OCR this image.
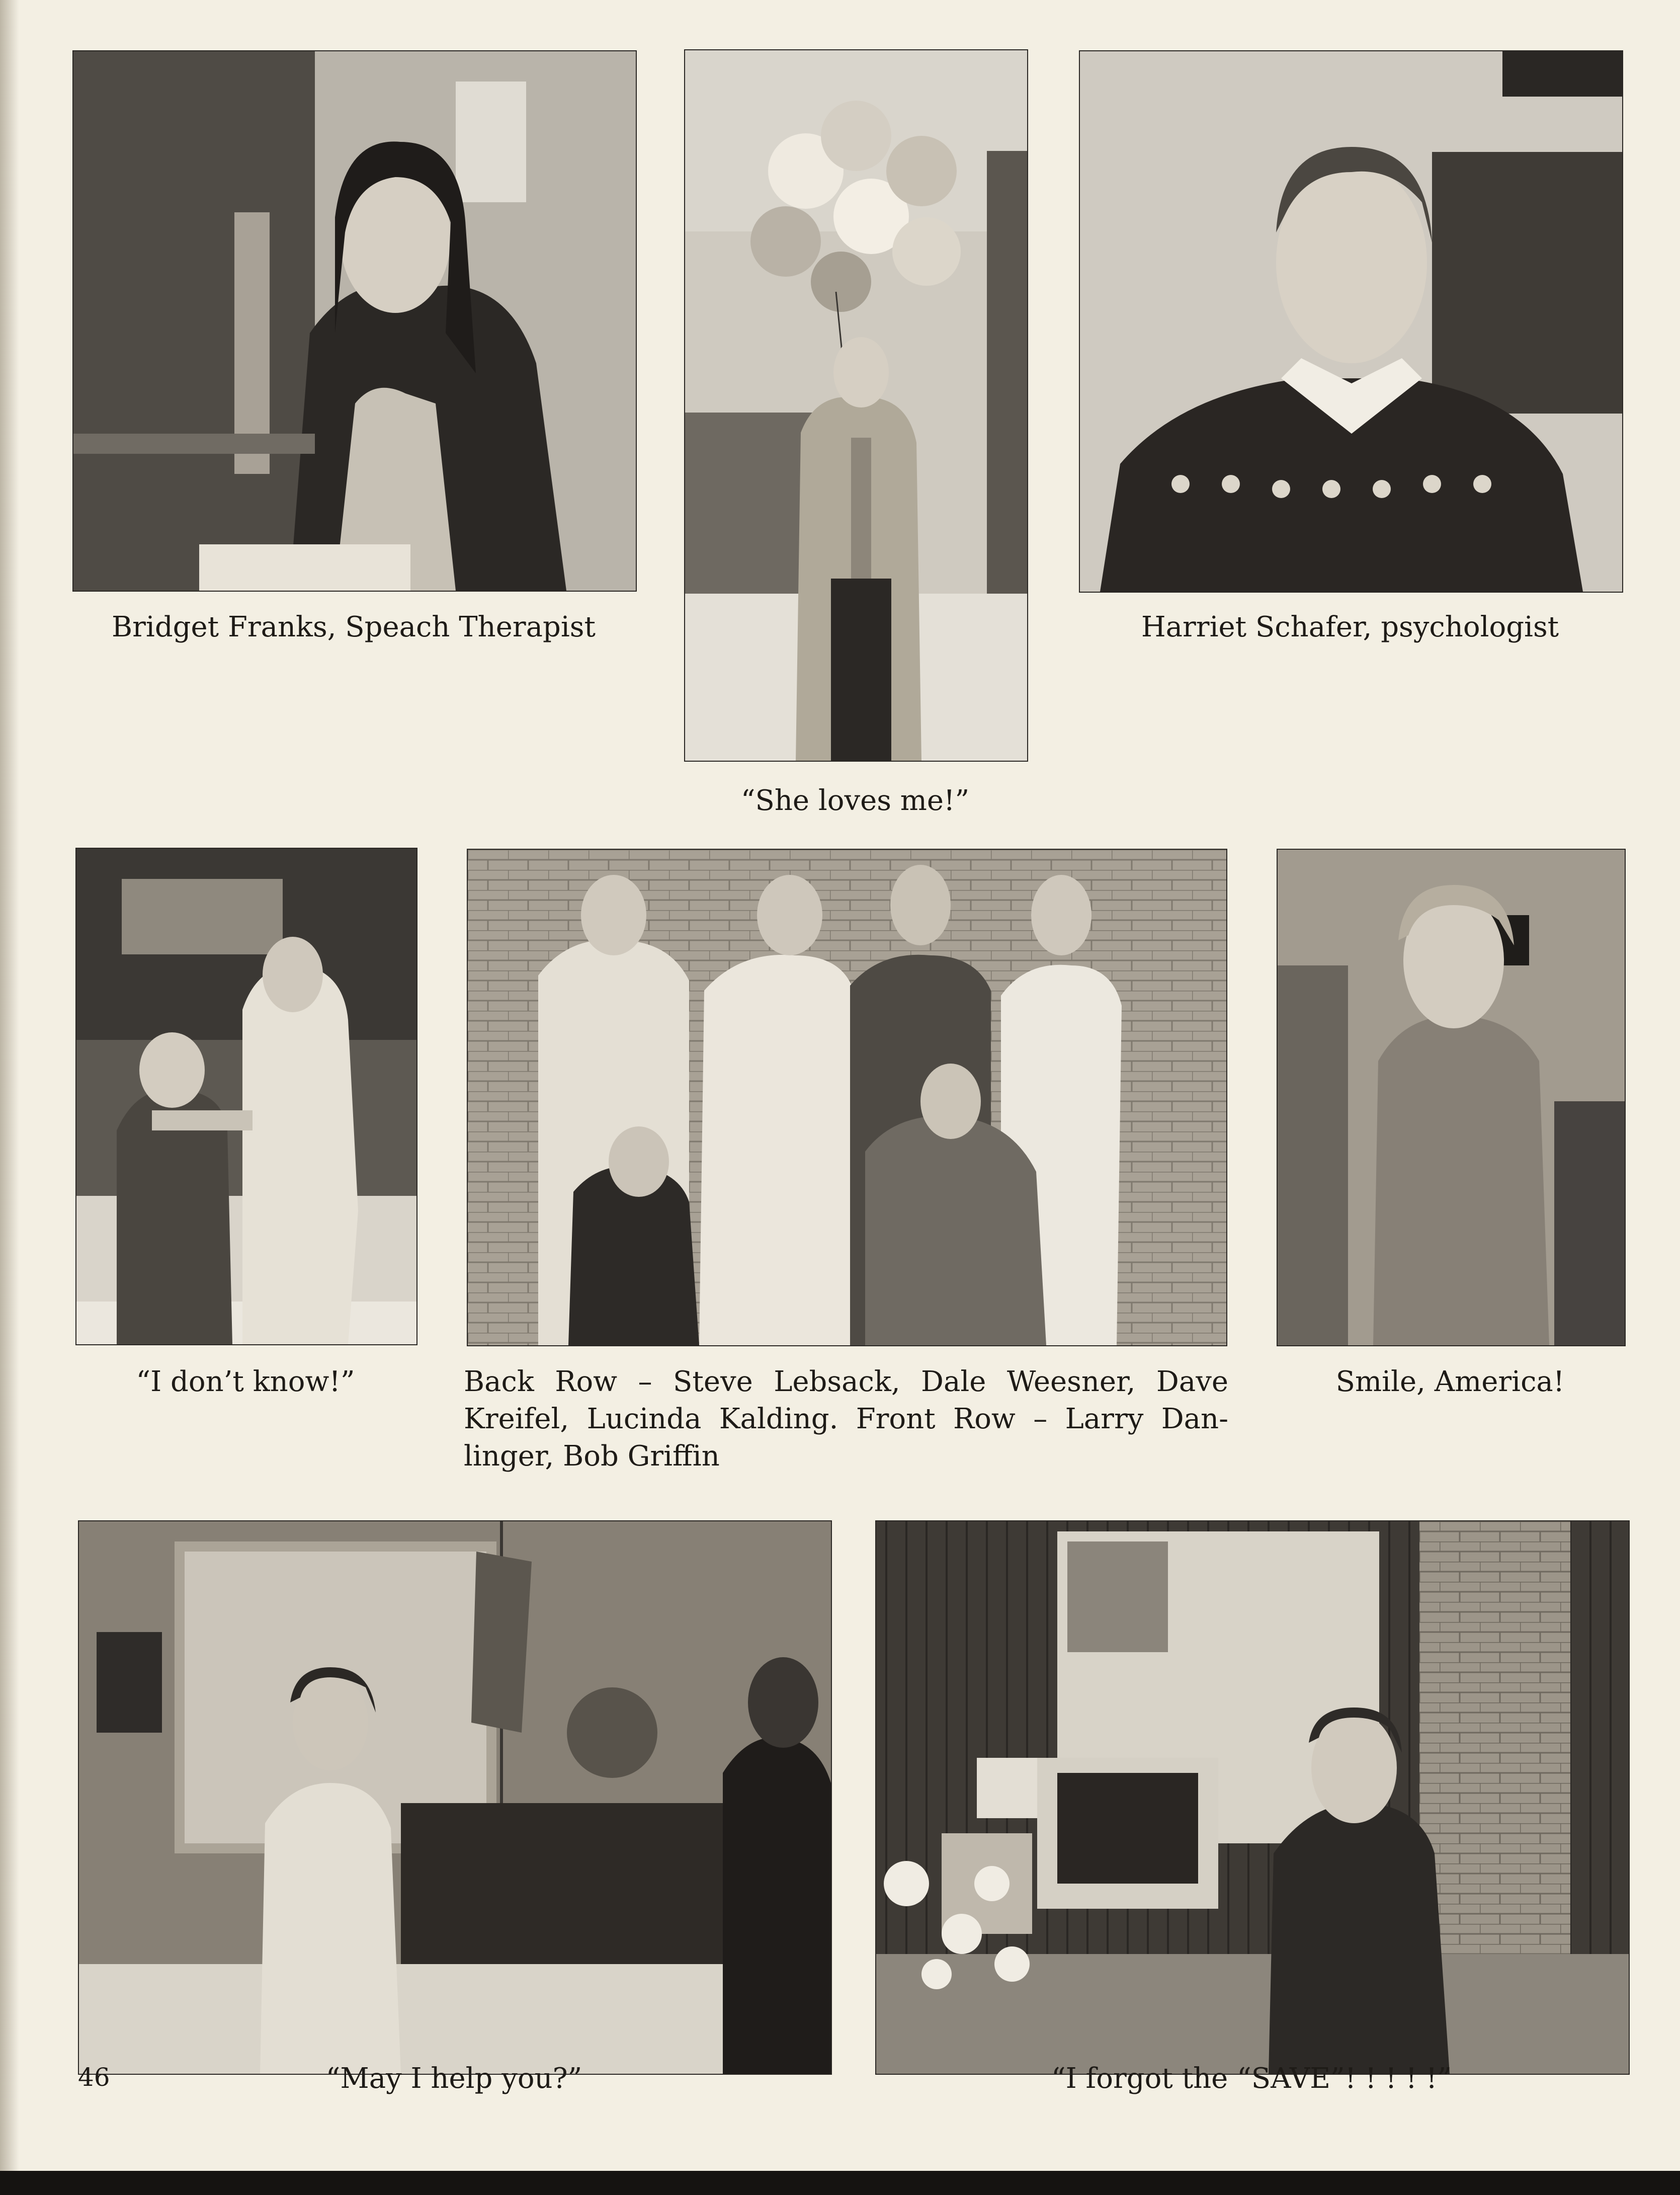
Bridget Franks, Speach Therapist	Harriet Schafer, psychologist
“She loves me!”
“I don’t know!”	Back Row – Steve Lebsack, Dale Weesner, Dave
Kreifel, Lucinda Kalding. Front Row – Larry Dan-
linger, Bob Griffin
Smile, America!
46	“May I help you?”	“I forgot the “SAVE”! ! ! ! !”
